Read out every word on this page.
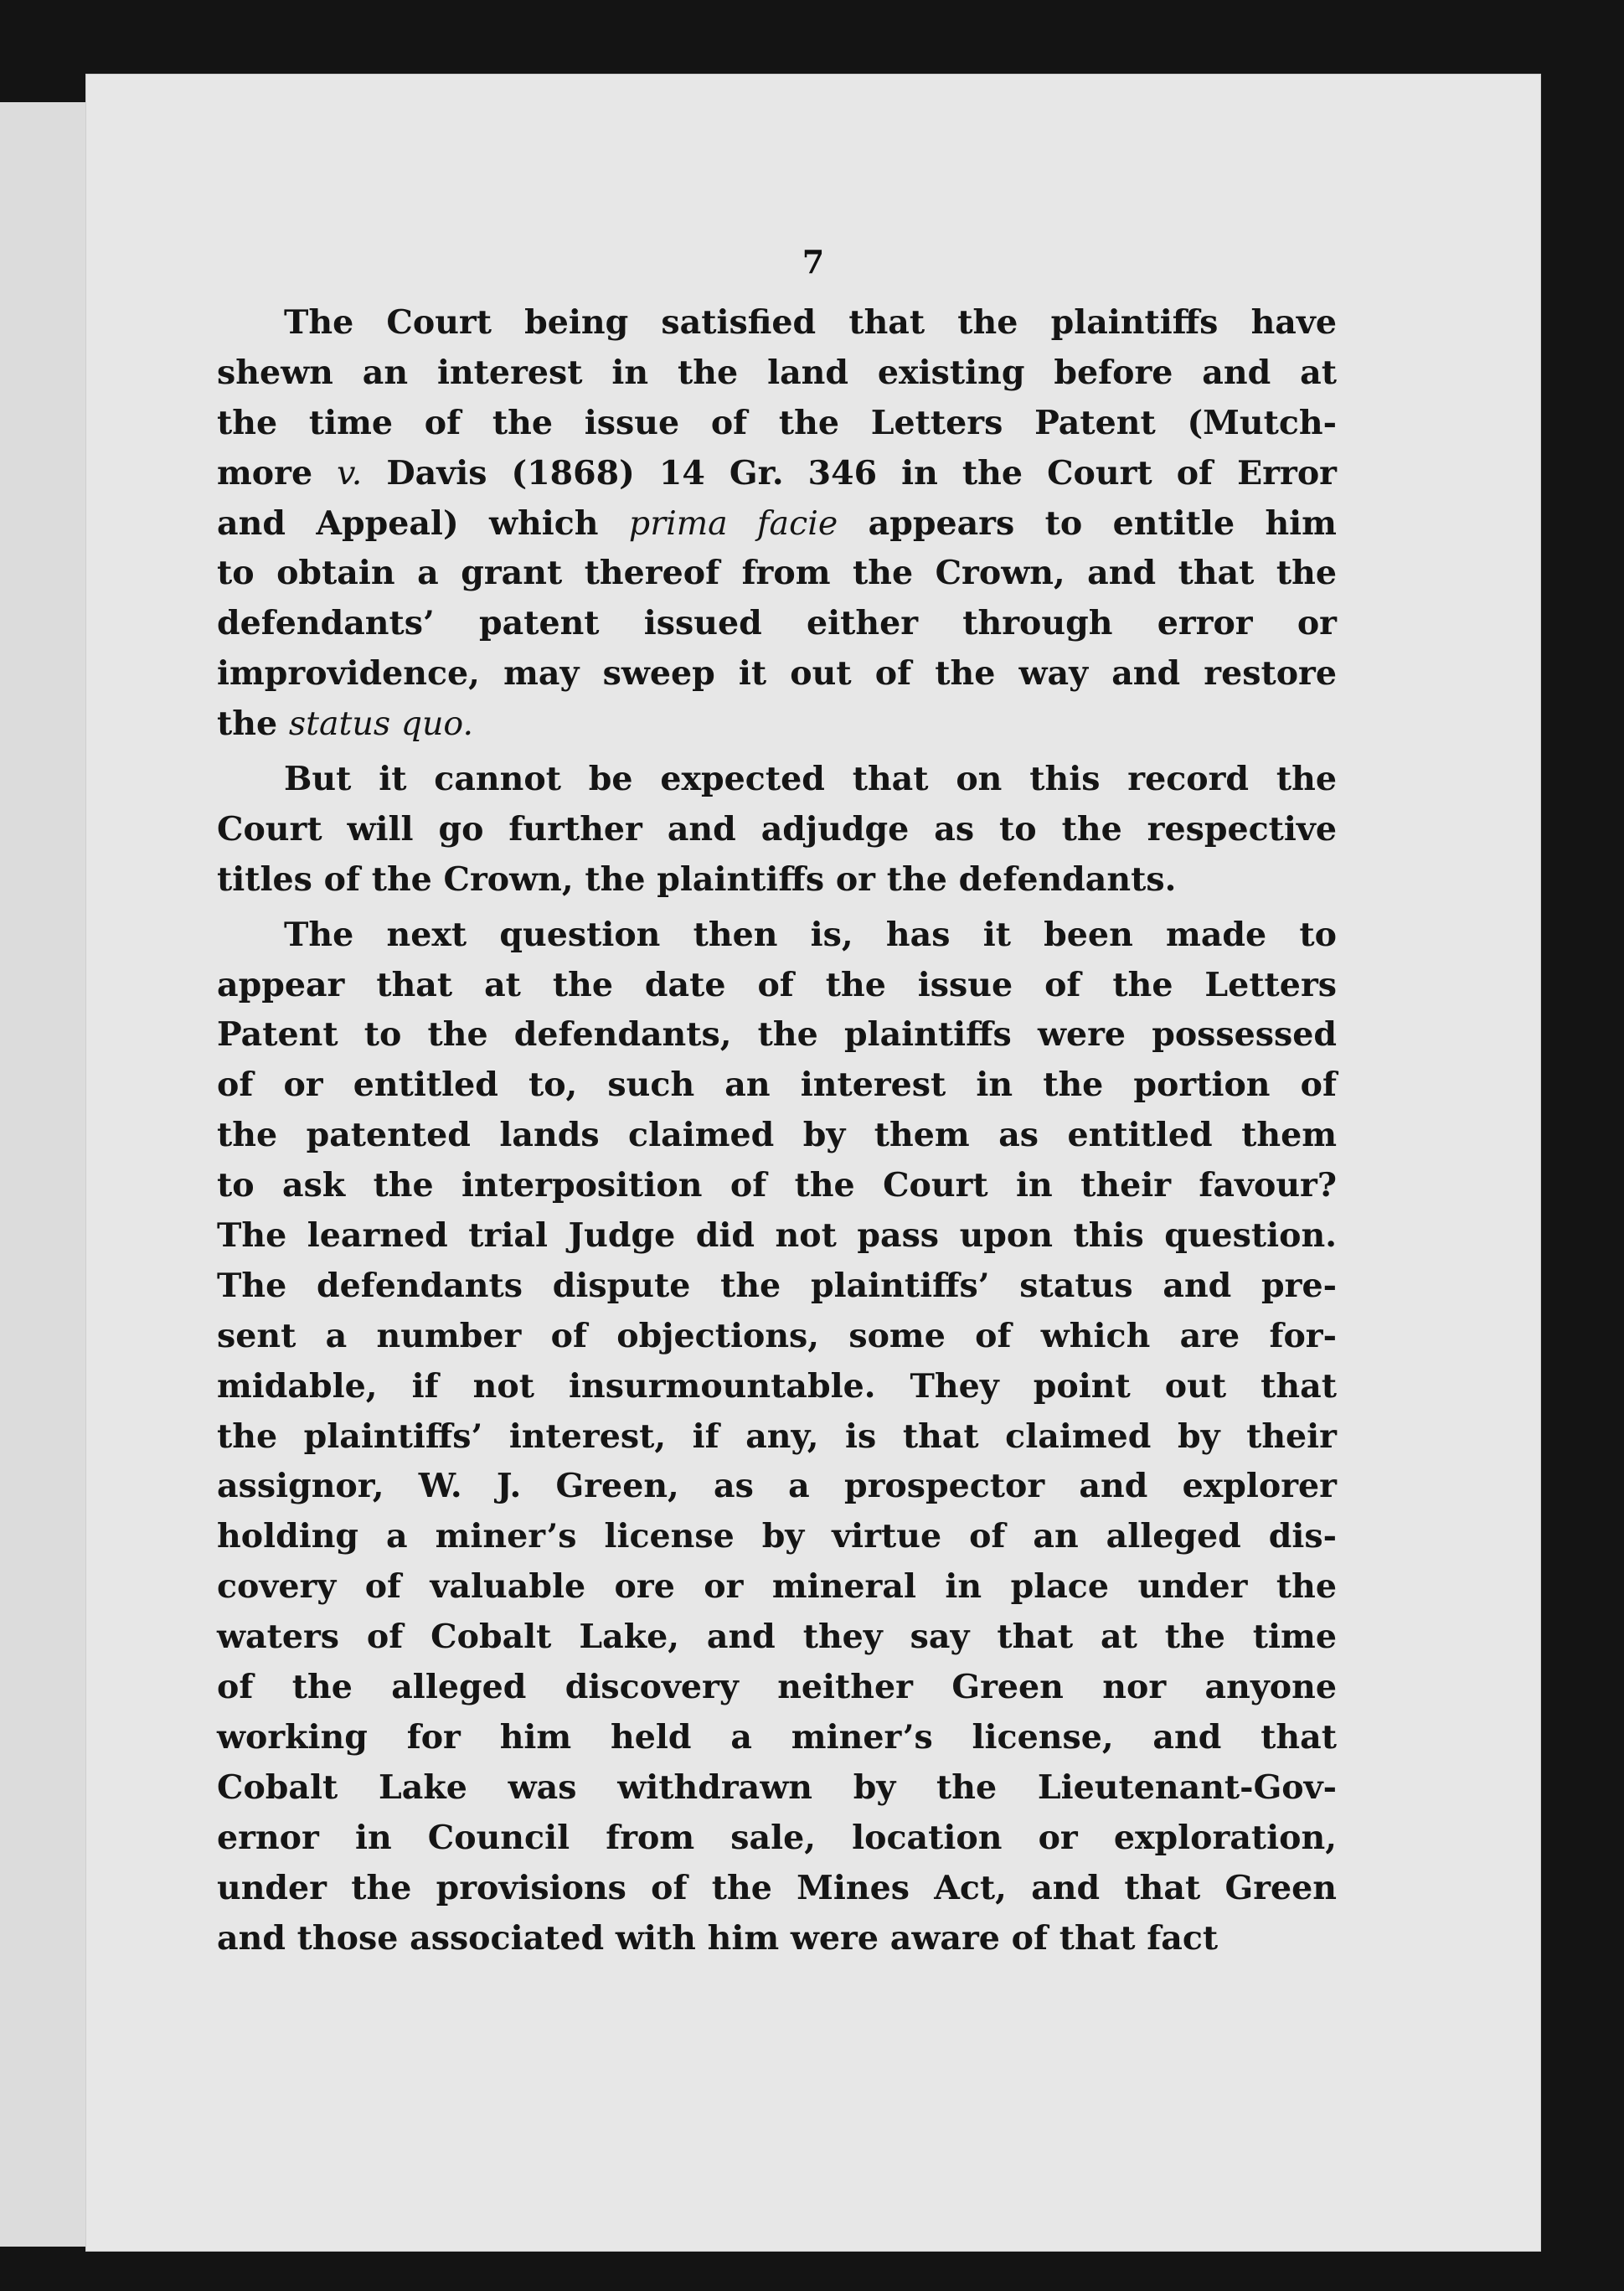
7
The Court being satisfied that the plaintiffs have
shewn an interest in the land existing before and at
the time of the issue of the Letters Patent (Mutch-
more v. Davis (1868) 14 Gr. 346 in the Court of Error
and Appeal) which prima facie appears to entitle him
to obtain a grant thereof from the Crown, and that the
defendants’ patent issued either through error or
improvidence, may sweep it out of the way and restore
the status quo.
But it cannot be expected that on this record the
Court will go further and adjudge as to the respective
titles of the Crown, the plaintiffs or the defendants.
The next question then is, has it been made to
appear that at the date of the issue of the Letters
Patent to the defendants, the plaintiffs were possessed
of or entitled to, such an interest in the portion of
the patented lands claimed by them as entitled them
to ask the interposition of the Court in their favour?
The learned trial Judge did not pass upon this question.
The defendants dispute the plaintiffs’ status and pre-
sent a number of objections, some of which are for-
midable, if not insurmountable. They point out that
the plaintiffs’ interest, if any, is that claimed by their
assignor, W. J. Green, as a prospector and explorer
holding a miner’s license by virtue of an alleged dis-
covery of valuable ore or mineral in place under the
waters of Cobalt Lake, and they say that at the time
of the alleged discovery neither Green nor anyone
working for him held a miner’s license, and that
Cobalt Lake was withdrawn by the Lieutenant-Gov-
ernor in Council from sale, location or exploration,
under the provisions of the Mines Act, and that Green
and those associated with him were aware of that fact
